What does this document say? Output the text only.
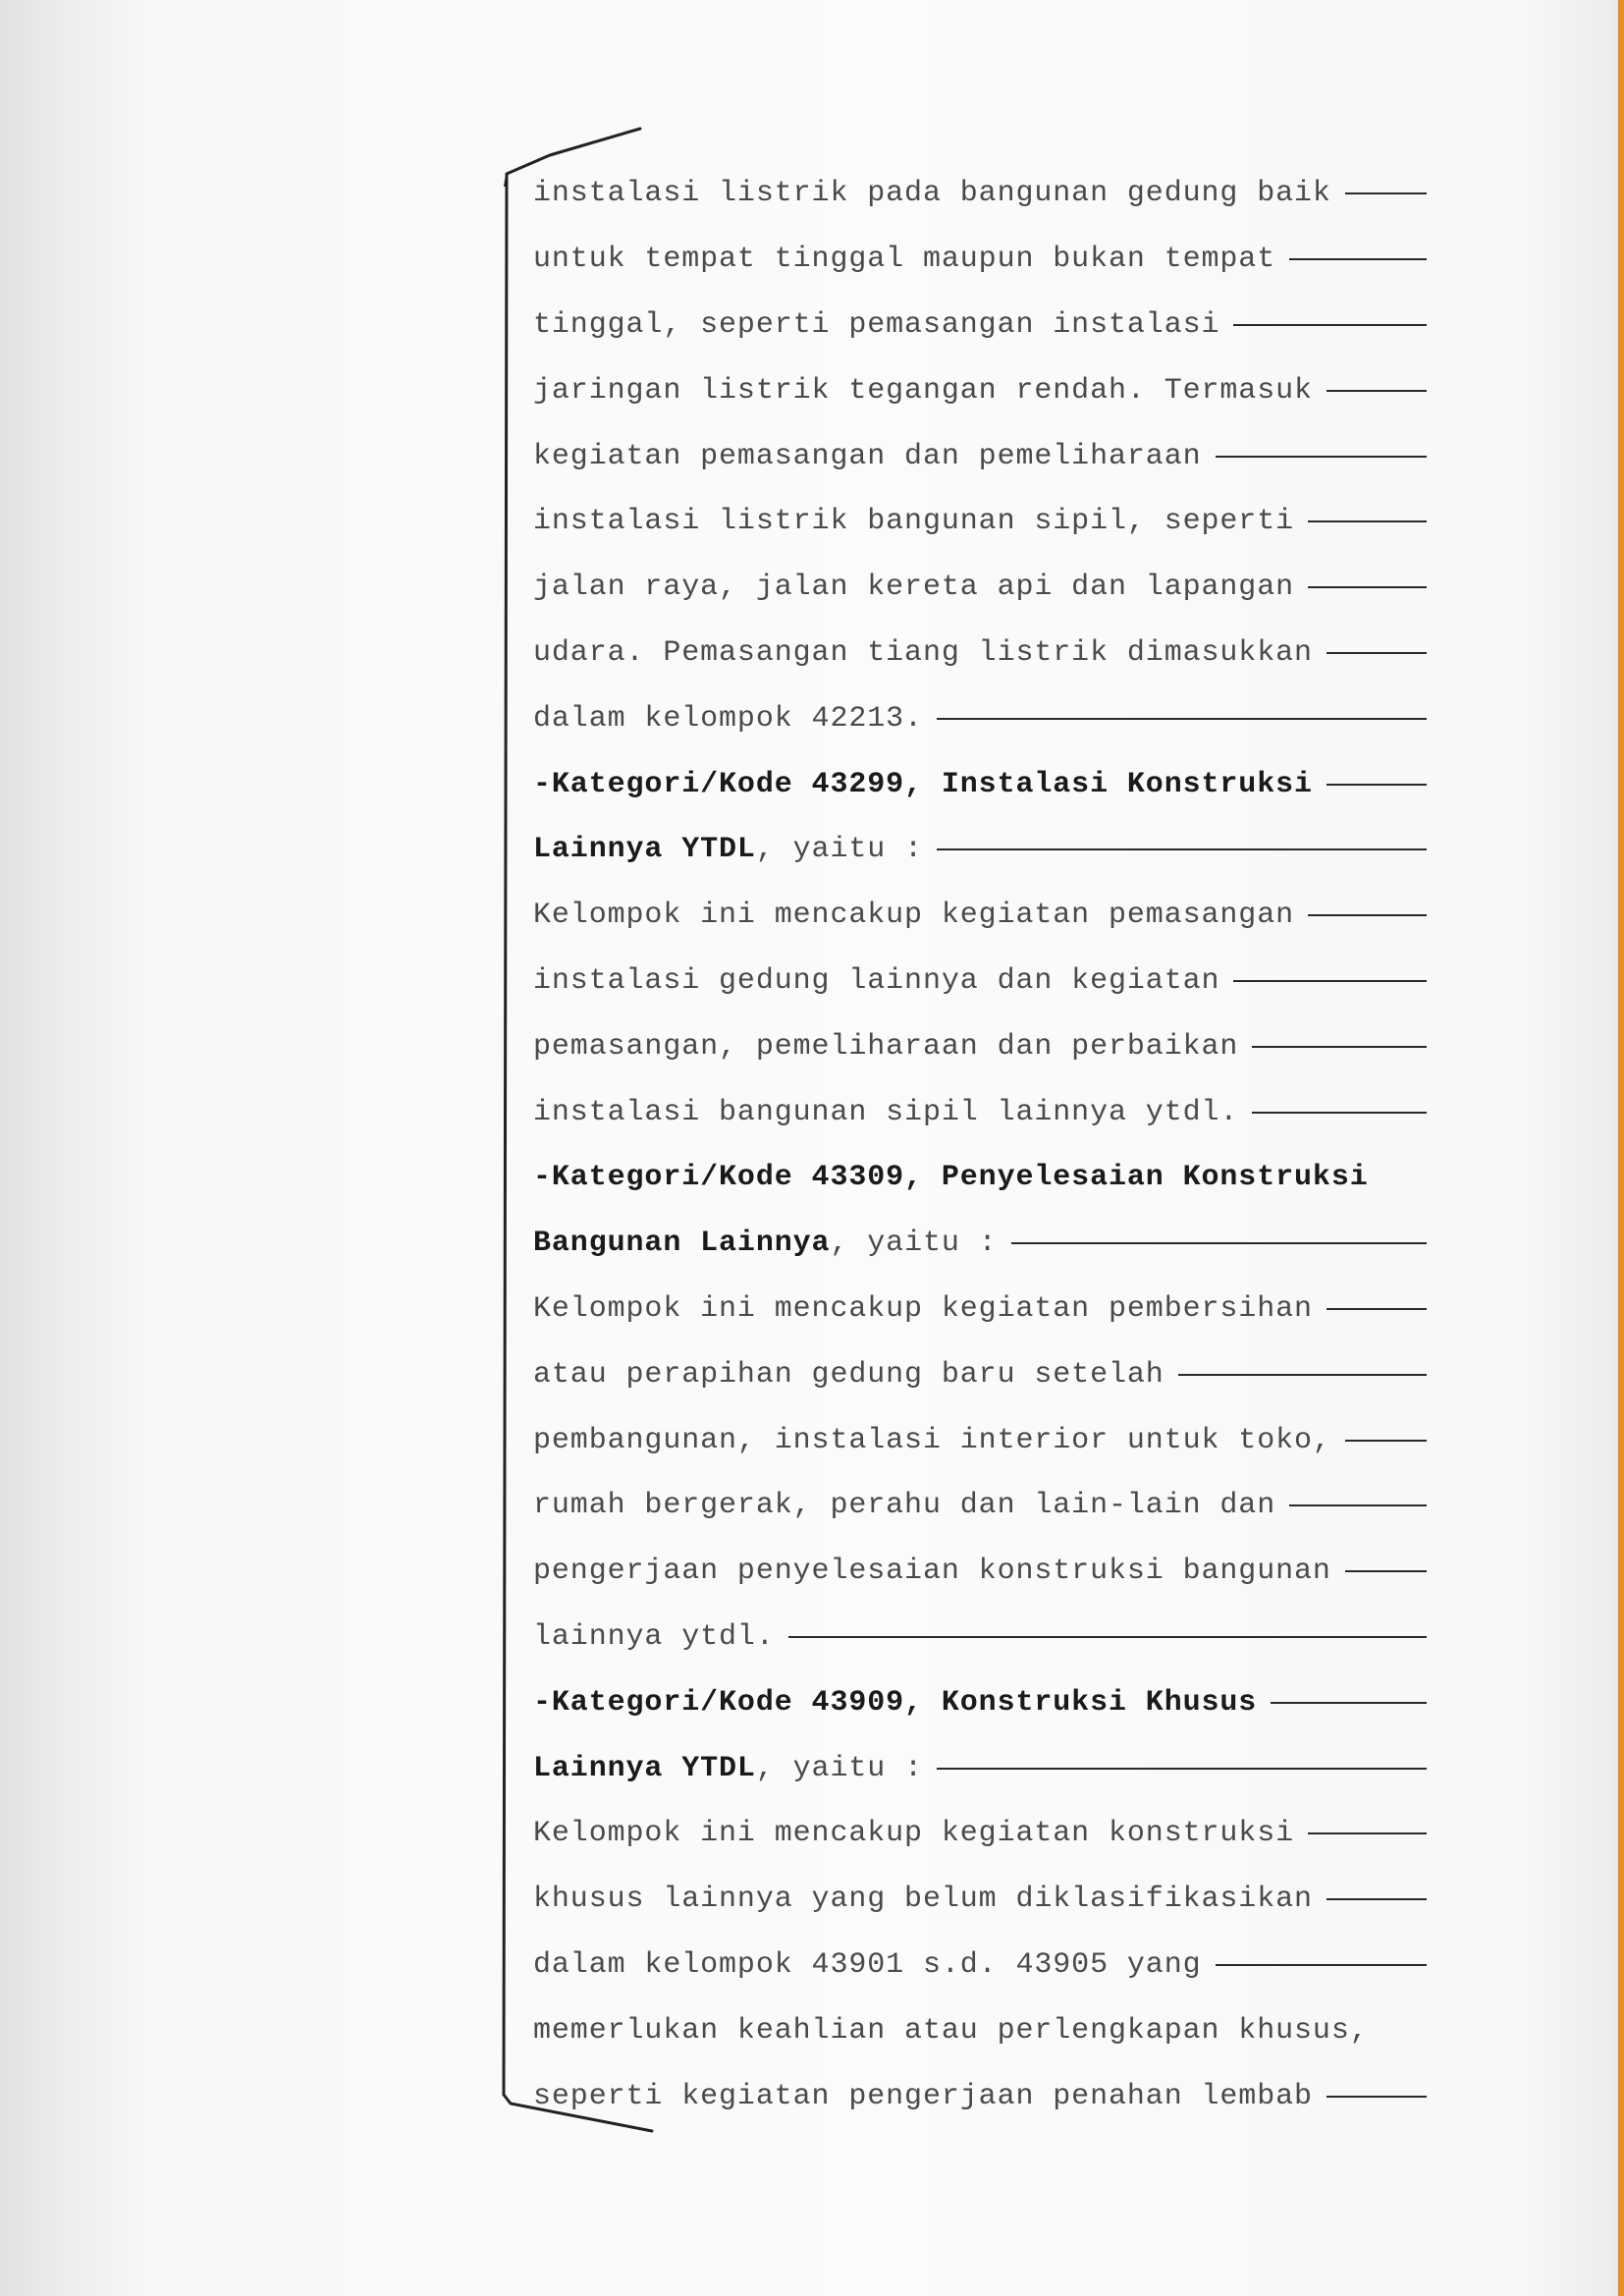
instalasi listrik pada bangunan gedung baik
untuk tempat tinggal maupun bukan tempat
tinggal, seperti pemasangan instalasi
jaringan listrik tegangan rendah. Termasuk
kegiatan pemasangan dan pemeliharaan
instalasi listrik bangunan sipil, seperti
jalan raya, jalan kereta api dan lapangan
udara. Pemasangan tiang listrik dimasukkan
dalam kelompok 42213.
-Kategori/Kode 43299, Instalasi Konstruksi
Lainnya YTDL , yaitu :
Kelompok ini mencakup kegiatan pemasangan
instalasi gedung lainnya dan kegiatan
pemasangan, pemeliharaan dan perbaikan
instalasi bangunan sipil lainnya ytdl.
-Kategori/Kode 43309, Penyelesaian Konstruksi
Bangunan Lainnya , yaitu :
Kelompok ini mencakup kegiatan pembersihan
atau perapihan gedung baru setelah
pembangunan, instalasi interior untuk toko,
rumah bergerak, perahu dan lain-lain dan
pengerjaan penyelesaian konstruksi bangunan
lainnya ytdl.
-Kategori/Kode 43909, Konstruksi Khusus
Lainnya YTDL , yaitu :
Kelompok ini mencakup kegiatan konstruksi
khusus lainnya yang belum diklasifikasikan
dalam kelompok 43901 s.d. 43905 yang
memerlukan keahlian atau perlengkapan khusus,
seperti kegiatan pengerjaan penahan lembab
